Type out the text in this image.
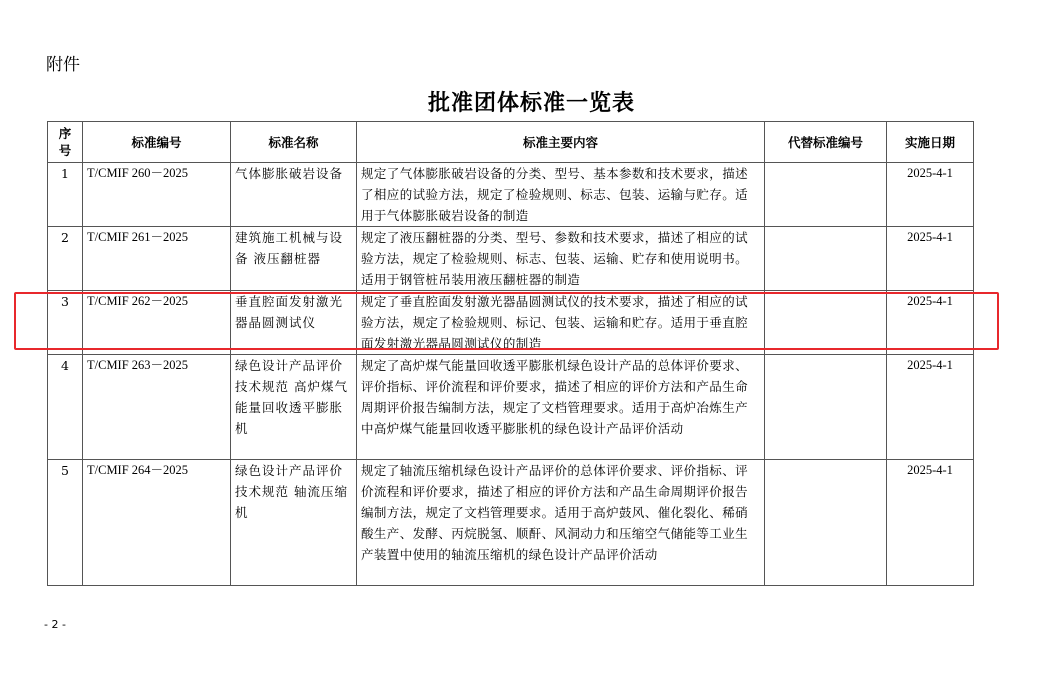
附件
批准团体标准一览表
序号	标准编号	标准名称	标准主要内容	代替标准编号	实施日期
1	T/CMIF 260－2025	气体膨胀破岩设备	规定了气体膨胀破岩设备的分类、型号、基本参数和技术要求，描述了相应的试验方法，规定了检验规则、标志、包装、运输与贮存。适用于气体膨胀破岩设备的制造		2025-4-1
2	T/CMIF 261－2025	建筑施工机械与设备 液压翻桩器	规定了液压翻桩器的分类、型号、参数和技术要求，描述了相应的试验方法，规定了检验规则、标志、包装、运输、贮存和使用说明书。适用于钢管桩吊装用液压翻桩器的制造		2025-4-1
3	T/CMIF 262－2025	垂直腔面发射激光器晶圆测试仪	规定了垂直腔面发射激光器晶圆测试仪的技术要求，描述了相应的试验方法，规定了检验规则、标记、包装、运输和贮存。适用于垂直腔面发射激光器晶圆测试仪的制造		2025-4-1
4	T/CMIF 263－2025	绿色设计产品评价技术规范 高炉煤气能量回收透平膨胀机	规定了高炉煤气能量回收透平膨胀机绿色设计产品的总体评价要求、评价指标、评价流程和评价要求，描述了相应的评价方法和产品生命周期评价报告编制方法，规定了文档管理要求。适用于高炉冶炼生产中高炉煤气能量回收透平膨胀机的绿色设计产品评价活动		2025-4-1
5	T/CMIF 264－2025	绿色设计产品评价技术规范 轴流压缩机	规定了轴流压缩机绿色设计产品评价的总体评价要求、评价指标、评价流程和评价要求，描述了相应的评价方法和产品生命周期评价报告编制方法，规定了文档管理要求。适用于高炉鼓风、催化裂化、稀硝酸生产、发酵、丙烷脱氢、顺酐、风洞动力和压缩空气储能等工业生产装置中使用的轴流压缩机的绿色设计产品评价活动		2025-4-1
- 2 -
